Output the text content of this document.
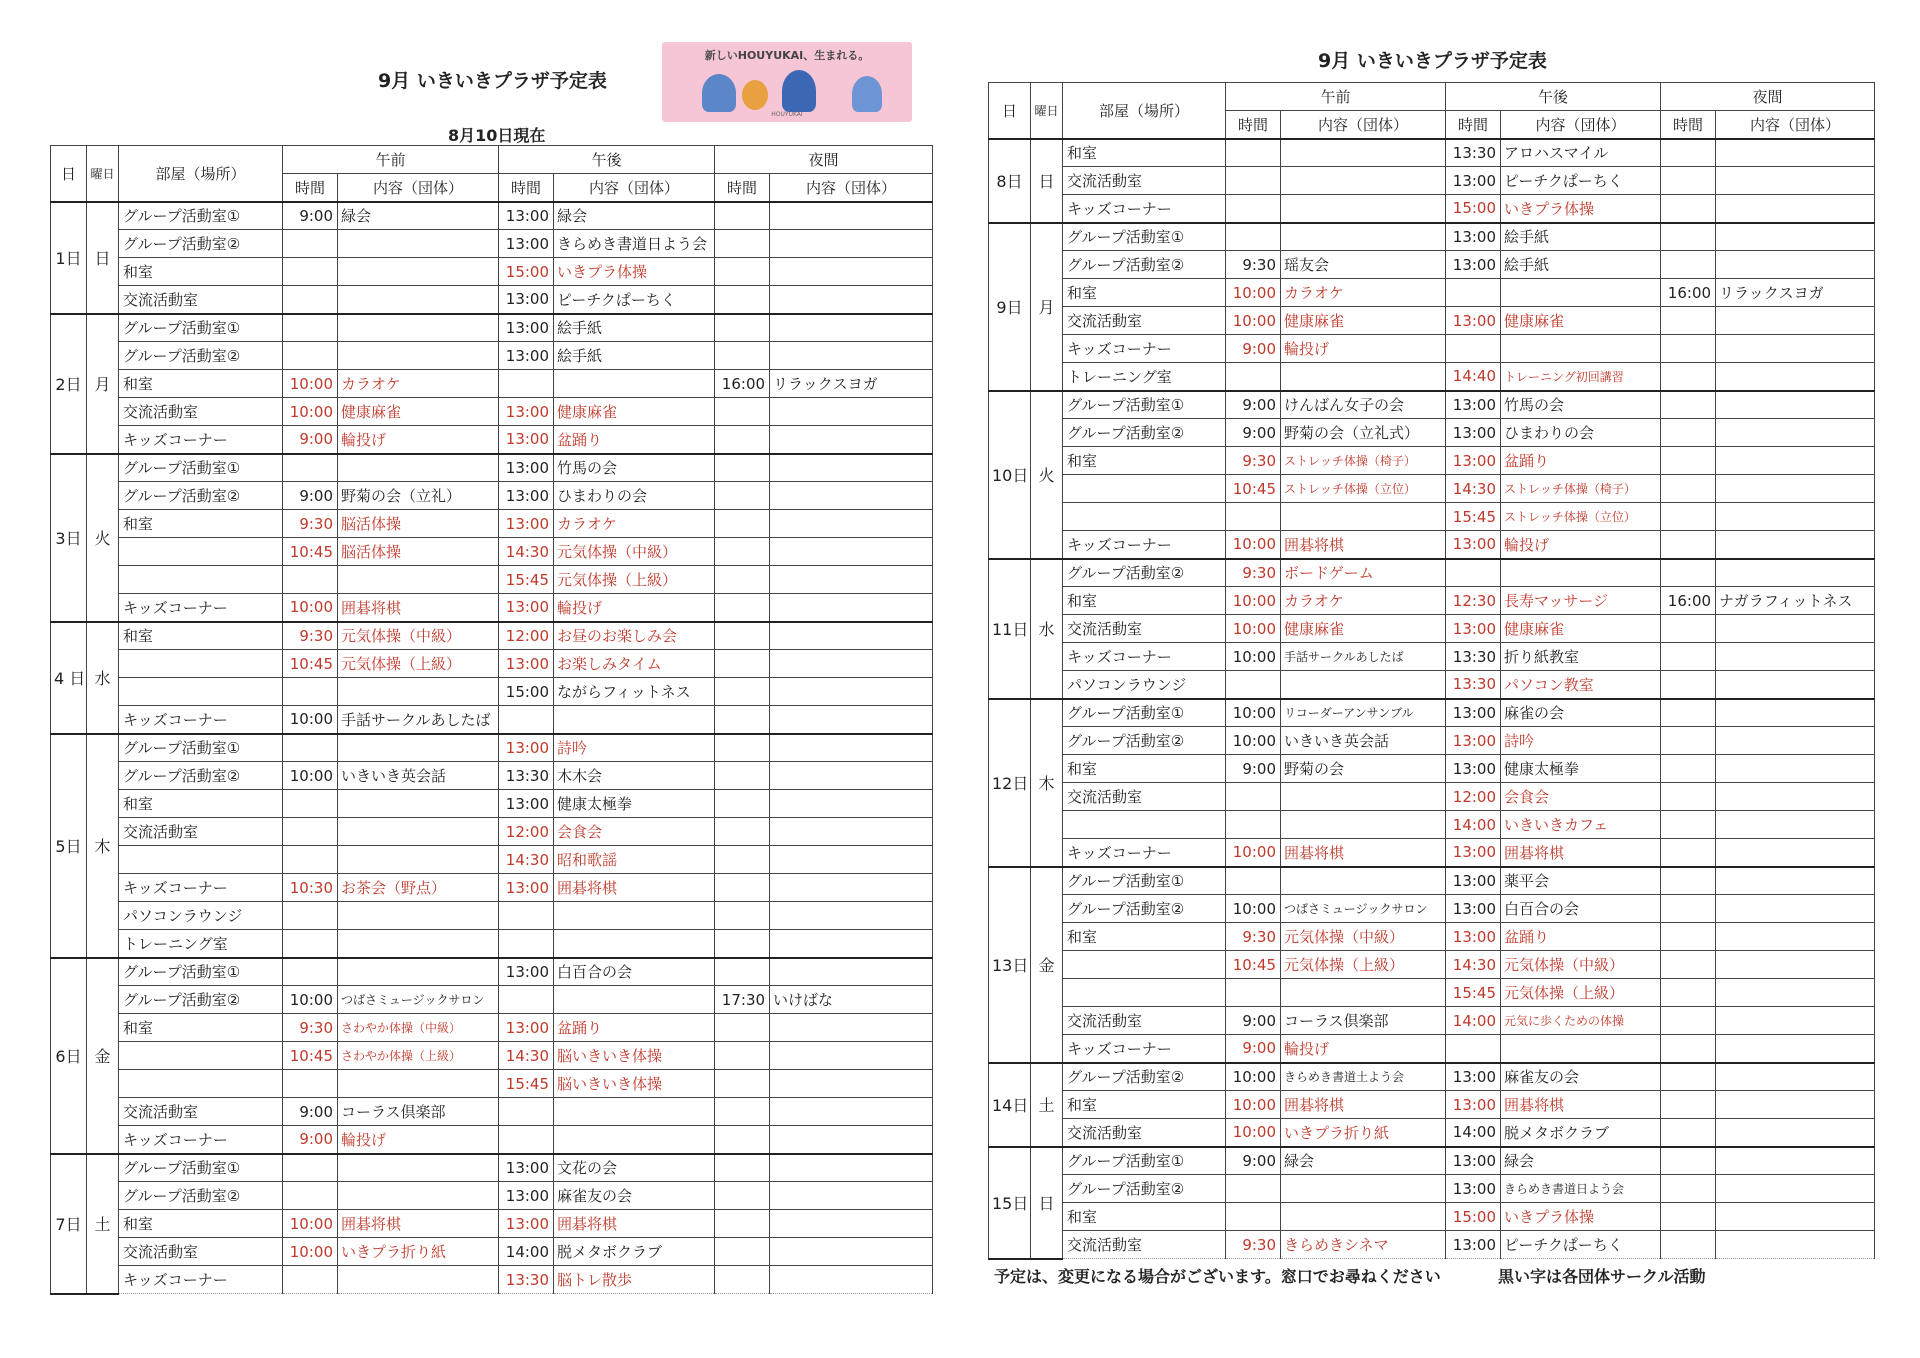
9月 いきいきプラザ予定表
新しいHOUYUKAI、生まれる。
HOUYUKAI
8月10日現在
日	曜日	部屋（場所）	午前		午後		夜間	
			時間	内容（団体）	時間	内容（団体）	時間	内容（団体）
1日	日	グループ活動室①	9:00	緑会	13:00	緑会		
		グループ活動室②			13:00	きらめき書道日よう会		
		和室			15:00	いきプラ体操		
		交流活動室			13:00	ピーチクぱーちく		
2日	月	グループ活動室①			13:00	絵手紙		
		グループ活動室②			13:00	絵手紙		
		和室	10:00	カラオケ			16:00	リラックスヨガ
		交流活動室	10:00	健康麻雀	13:00	健康麻雀		
		キッズコーナー	9:00	輪投げ	13:00	盆踊り		
3日	火	グループ活動室①			13:00	竹馬の会		
		グループ活動室②	9:00	野菊の会（立礼）	13:00	ひまわりの会		
		和室	9:30	脳活体操	13:00	カラオケ		
			10:45	脳活体操	14:30	元気体操（中級）		
					15:45	元気体操（上級）		
		キッズコーナー	10:00	囲碁将棋	13:00	輪投げ		
4 日	水	和室	9:30	元気体操（中級）	12:00	お昼のお楽しみ会		
			10:45	元気体操（上級）	13:00	お楽しみタイム		
					15:00	ながらフィットネス		
		キッズコーナー	10:00	手話サークルあしたば				
5日	木	グループ活動室①			13:00	詩吟		
		グループ活動室②	10:00	いきいき英会話	13:30	木木会		
		和室			13:00	健康太極拳		
		交流活動室			12:00	会食会		
					14:30	昭和歌謡		
		キッズコーナー	10:30	お茶会（野点）	13:00	囲碁将棋		
		パソコンラウンジ						
		トレーニング室						
6日	金	グループ活動室①			13:00	白百合の会		
		グループ活動室②	10:00	つばさミュージックサロン			17:30	いけばな
		和室	9:30	さわやか体操（中級）	13:00	盆踊り		
			10:45	さわやか体操（上級）	14:30	脳いきいき体操		
					15:45	脳いきいき体操		
		交流活動室	9:00	コーラス倶楽部				
		キッズコーナー	9:00	輪投げ				
7日	土	グループ活動室①			13:00	文花の会		
		グループ活動室②			13:00	麻雀友の会		
		和室	10:00	囲碁将棋	13:00	囲碁将棋		
		交流活動室	10:00	いきプラ折り紙	14:00	脱メタボクラブ		
		キッズコーナー			13:30	脳トレ散歩		
9月 いきいきプラザ予定表
日	曜日	部屋（場所）	午前		午後		夜間	
			時間	内容（団体）	時間	内容（団体）	時間	内容（団体）
8日	日	和室			13:30	アロハスマイル		
		交流活動室			13:00	ピーチクぱーちく		
		キッズコーナー			15:00	いきプラ体操		
9日	月	グループ活動室①			13:00	絵手紙		
		グループ活動室②	9:30	瑶友会	13:00	絵手紙		
		和室	10:00	カラオケ			16:00	リラックスヨガ
		交流活動室	10:00	健康麻雀	13:00	健康麻雀		
		キッズコーナー	9:00	輪投げ				
		トレーニング室			14:40	トレーニング初回講習		
10日	火	グループ活動室①	9:00	けんばん女子の会	13:00	竹馬の会		
		グループ活動室②	9:00	野菊の会（立礼式）	13:00	ひまわりの会		
		和室	9:30	ストレッチ体操（椅子）	13:00	盆踊り		
			10:45	ストレッチ体操（立位）	14:30	ストレッチ体操（椅子）		
					15:45	ストレッチ体操（立位）		
		キッズコーナー	10:00	囲碁将棋	13:00	輪投げ		
11日	水	グループ活動室②	9:30	ボードゲーム				
		和室	10:00	カラオケ	12:30	長寿マッサージ	16:00	ナガラフィットネス
		交流活動室	10:00	健康麻雀	13:00	健康麻雀		
		キッズコーナー	10:00	手話サークルあしたば	13:30	折り紙教室		
		パソコンラウンジ			13:30	パソコン教室		
12日	木	グループ活動室①	10:00	リコーダーアンサンブル	13:00	麻雀の会		
		グループ活動室②	10:00	いきいき英会話	13:00	詩吟		
		和室	9:00	野菊の会	13:00	健康太極拳		
		交流活動室			12:00	会食会		
					14:00	いきいきカフェ		
		キッズコーナー	10:00	囲碁将棋	13:00	囲碁将棋		
13日	金	グループ活動室①			13:00	薬平会		
		グループ活動室②	10:00	つばさミュージックサロン	13:00	白百合の会		
		和室	9:30	元気体操（中級）	13:00	盆踊り		
			10:45	元気体操（上級）	14:30	元気体操（中級）		
					15:45	元気体操（上級）		
		交流活動室	9:00	コーラス倶楽部	14:00	元気に歩くための体操		
		キッズコーナー	9:00	輪投げ				
14日	土	グループ活動室②	10:00	きらめき書道土よう会	13:00	麻雀友の会		
		和室	10:00	囲碁将棋	13:00	囲碁将棋		
		交流活動室	10:00	いきプラ折り紙	14:00	脱メタボクラブ		
15日	日	グループ活動室①	9:00	緑会	13:00	緑会		
		グループ活動室②			13:00	きらめき書道日よう会		
		和室			15:00	いきプラ体操		
		交流活動室	9:30	きらめきシネマ	13:00	ピーチクぱーちく		
予定は、変更になる場合がございます。窓口でお尋ねください	黒い字は各団体サークル活動
